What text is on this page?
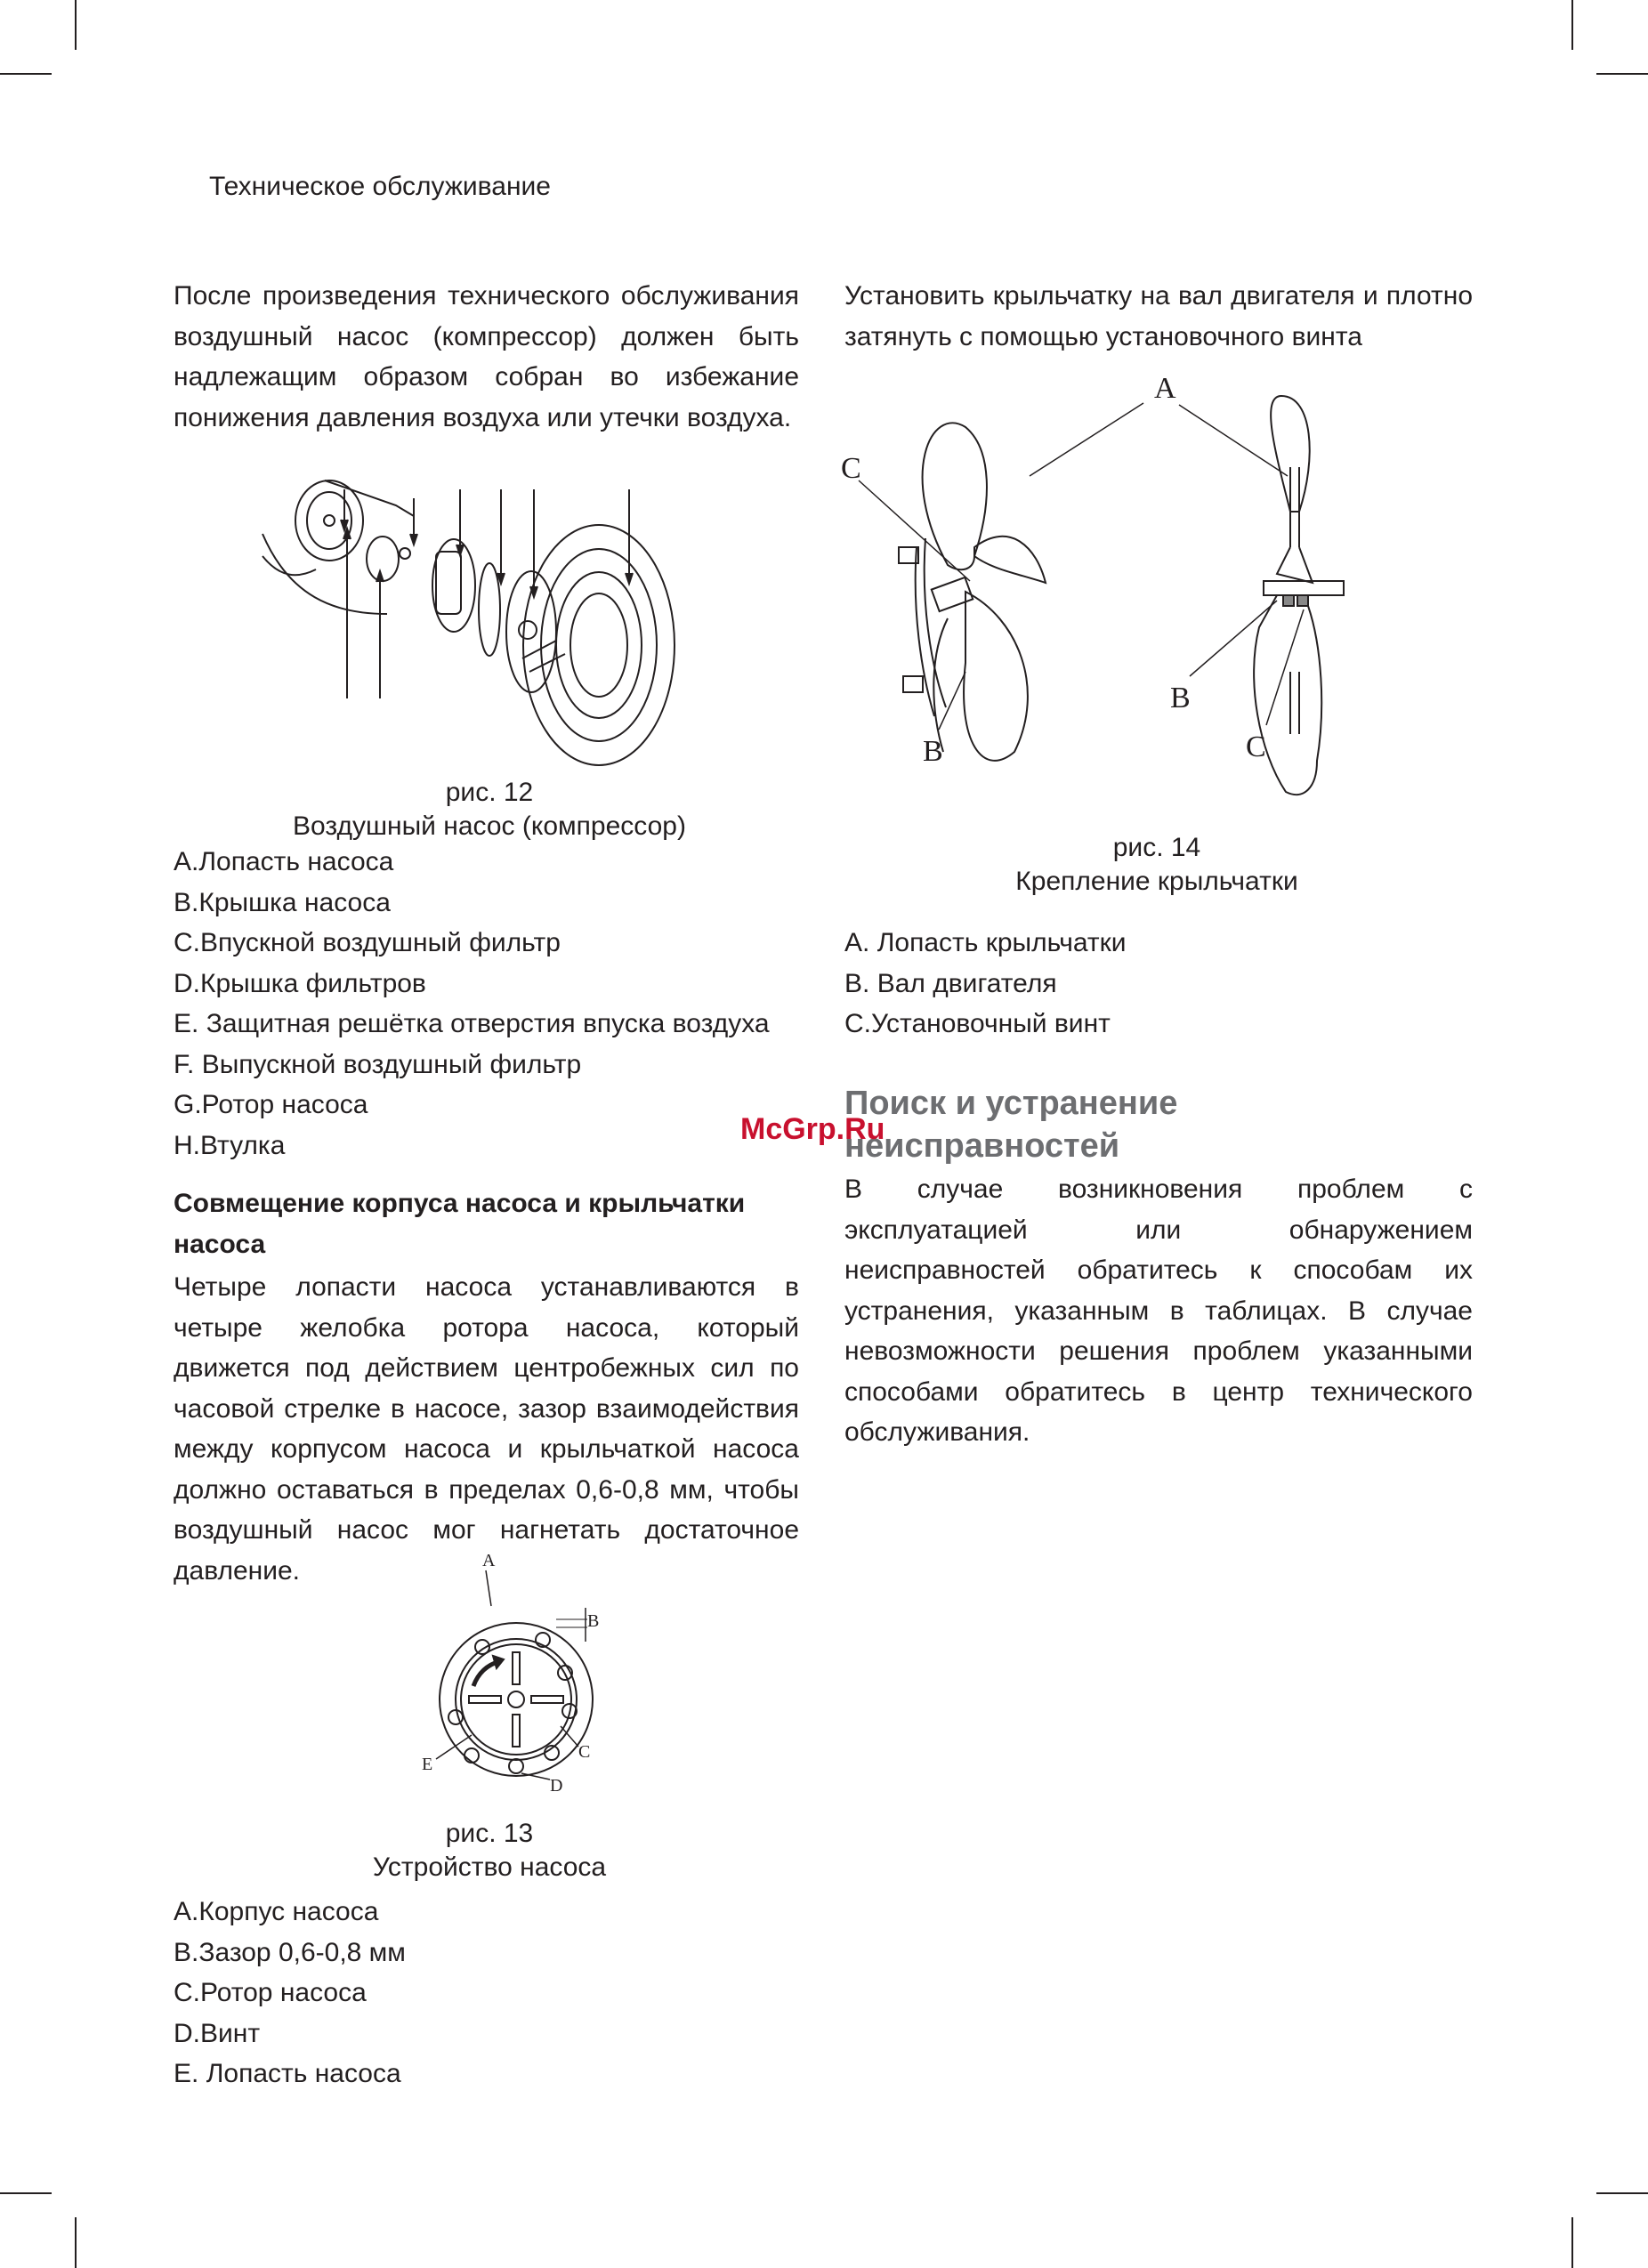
Техническое обслуживание

После произведения технического обслуживания воздушный насос (компрессор) должен быть надлежащим образом собран во избежание понижения давления воздуха или утечки воздуха.

рис. 12
Воздушный насос (компрессор)
A.Лопасть насоса
B.Крышка насоса
C.Впускной воздушный фильтр
D.Крышка фильтров
E. Защитная решётка отверстия впуска воздуха
F. Выпускной воздушный фильтр
G.Ротор насоса
H.Втулка
Совмещение корпуса насоса и крыльчатки насоса

Четыре лопасти насоса устанавливаются в четыре желобка ротора насоса, который движется под действием центробежных сил по часовой стрелке в насосе, зазор взаимодействия между корпусом насоса и крыльчаткой насоса должно оставаться в пределах 0,6-0,8 мм, чтобы воздушный насос мог нагнетать достаточное давление.	A
B
C
D
E
рис. 13
Устройство насоса
A.Корпус насоса
B.Зазор 0,6-0,8 мм
C.Ротор насоса
D.Винт
E. Лопасть насоса

Установить крыльчатку на вал двигателя и плотно затянуть с помощью установочного винта

A
C
B
B
C
рис. 14
Крепление крыльчатки
A. Лопасть крыльчатки
B. Вал двигателя
C.Установочный винт
Поиск и устранение
неисправностей

В случае возникновения проблем с эксплуатацией или обнаружением неисправностей обратитесь к способам их устранения, указанным в таблицах. В случае невозможности решения проблем указанными способами обратитесь в центр технического обслуживания.

McGrp.Ru
